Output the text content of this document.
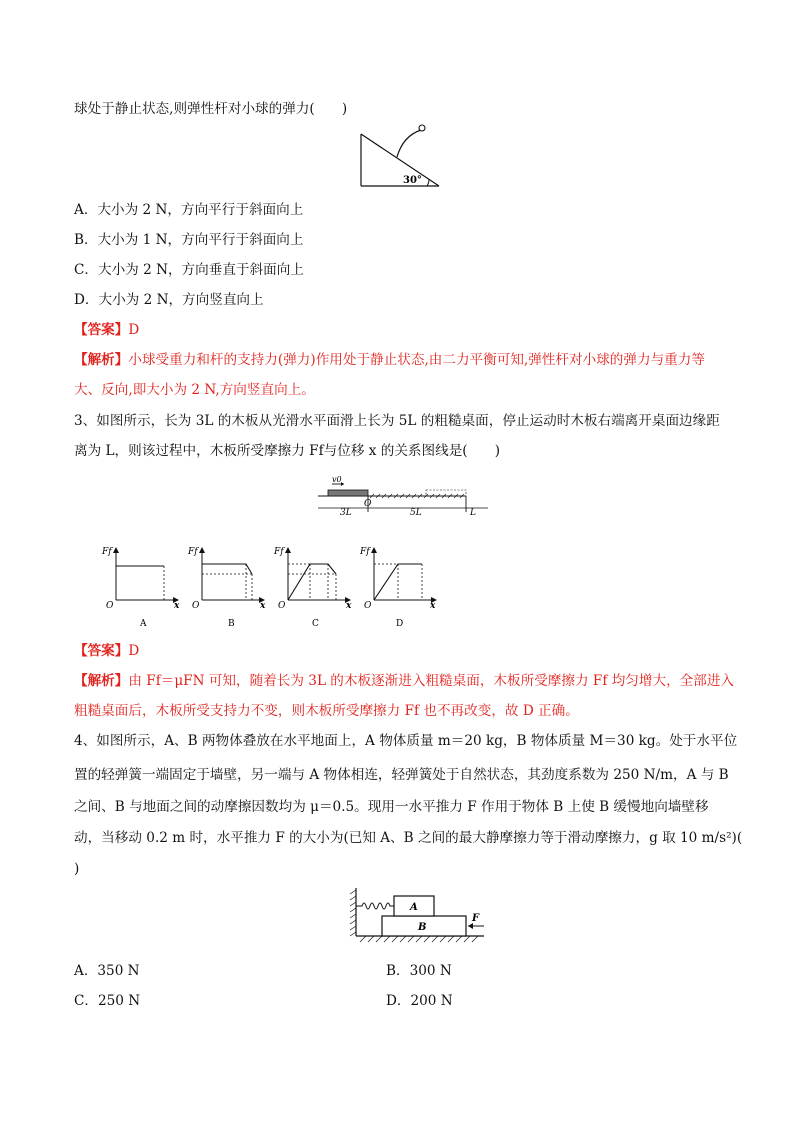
球处于静止状态,则弹性杆对小球的弹力(　　)
30°
A．大小为 2 N，方向平行于斜面向上
B．大小为 1 N，方向平行于斜面向上
C．大小为 2 N，方向垂直于斜面向上
D．大小为 2 N，方向竖直向上
【答案】D
【解析】小球受重力和杆的支持力(弹力)作用处于静止状态,由二力平衡可知,弹性杆对小球的弹力与重力等
大、反向,即大小为 2 N,方向竖直向上。
3、如图所示，长为 3L 的木板从光滑水平面滑上长为 5L 的粗糙桌面，停止运动时木板右端离开桌面边缘距
离为 L，则该过程中，木板所受摩擦力 Ff与位移 x 的关系图线是(　　)
v0
3L
O
5L	L
Ff
O	x
A
Ff
O	x
B
Ff
O	x
C
Ff
O	x
D
【答案】D
【解析】由 Ff＝μFN 可知，随着长为 3L 的木板逐渐进入粗糙桌面，木板所受摩擦力 Ff 均匀增大，全部进入
粗糙桌面后，木板所受支持力不变，则木板所受摩擦力 Ff 也不再改变，故 D 正确。
4、如图所示，A、B 两物体叠放在水平地面上，A 物体质量 m＝20 kg，B 物体质量 M＝30 kg。处于水平位
置的轻弹簧一端固定于墙壁，另一端与 A 物体相连，轻弹簧处于自然状态，其劲度系数为 250 N/m，A 与 B
之间、B 与地面之间的动摩擦因数均为 μ＝0.5。现用一水平推力 F 作用于物体 B 上使 B 缓慢地向墙壁移
动，当移动 0.2 m 时，水平推力 F 的大小为(已知 A、B 之间的最大静摩擦力等于滑动摩擦力，g 取 10 m/s²)(
)
A
B
F
A．350 N	B．300 N
C．250 N	D．200 N
